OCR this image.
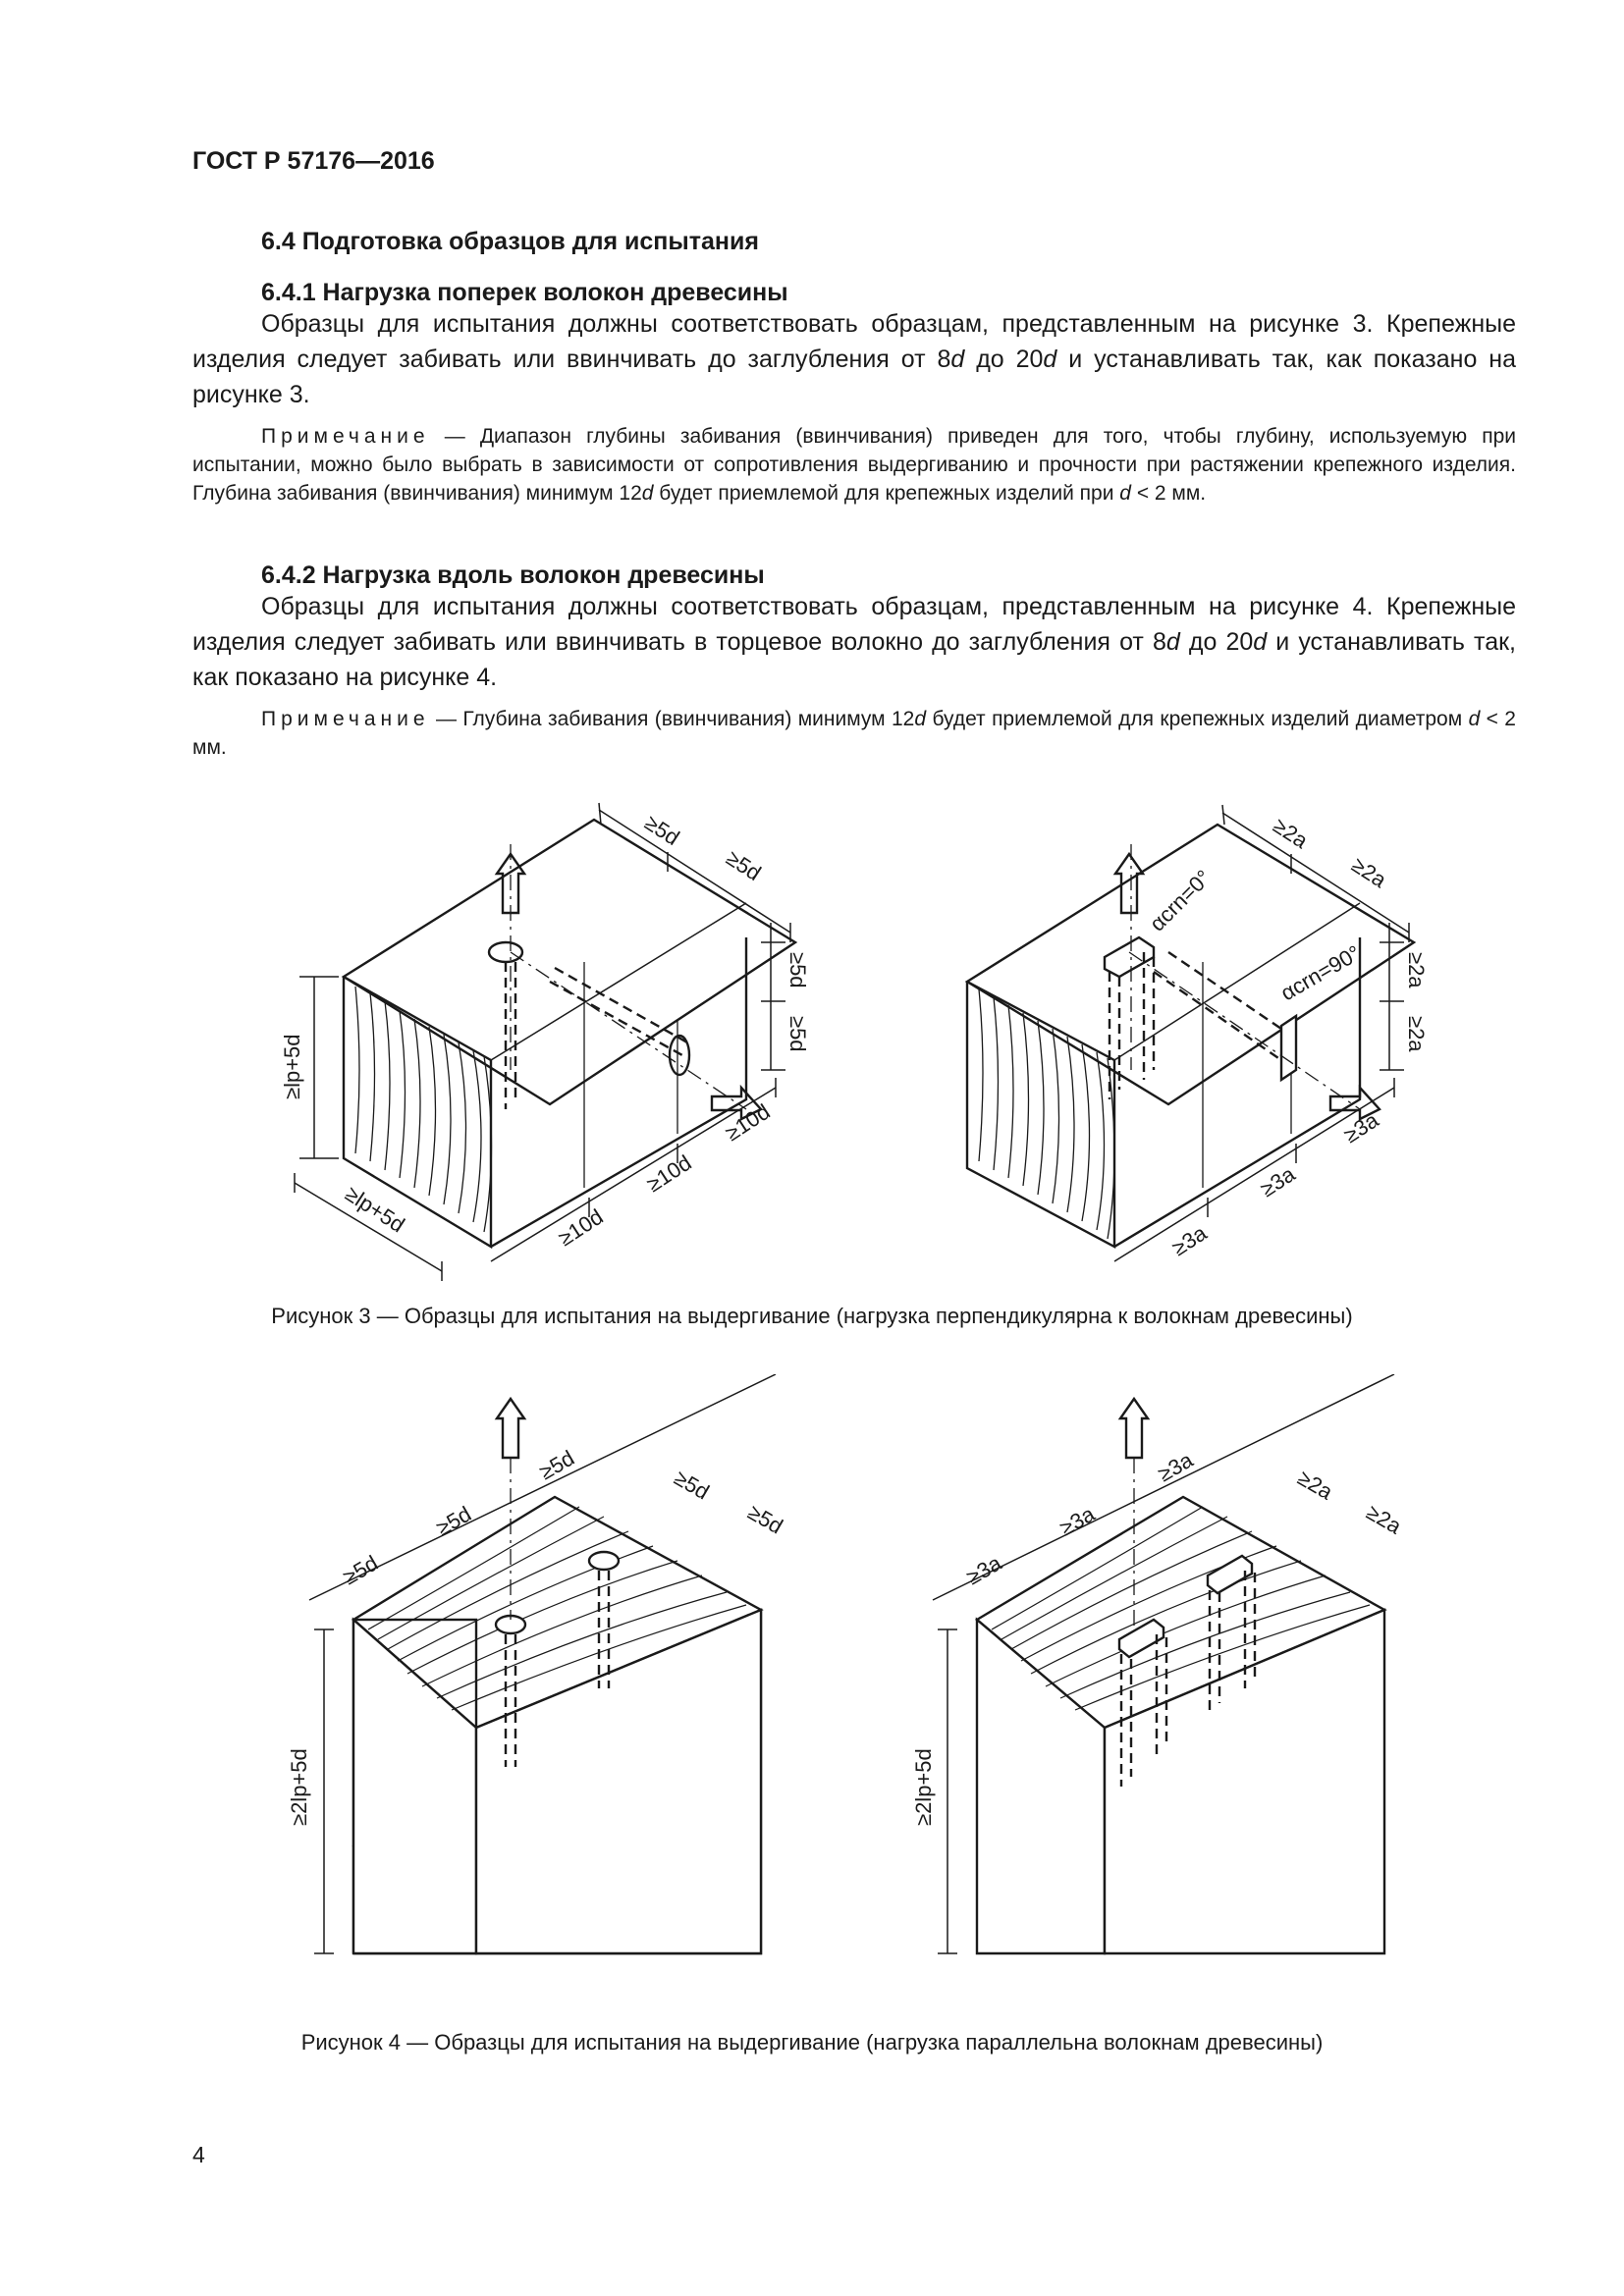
ГОСТ Р 57176—2016
6.4 Подготовка образцов для испытания
6.4.1 Нагрузка поперек волокон древесины
Образцы для испытания должны соответствовать образцам, представленным на рисунке 3. Крепежные изделия следует забивать или ввинчивать до заглубления от 8d до 20d и устанавливать так, как показано на рисунке 3.
Примечание — Диапазон глубины забивания (ввинчивания) приведен для того, чтобы глубину, используемую при испытании, можно было выбрать в зависимости от сопротивления выдергиванию и прочности при растяжении крепежного изделия. Глубина забивания (ввинчивания) минимум 12d будет приемлемой для крепежных изделий при d < 2 мм.
6.4.2 Нагрузка вдоль волокон древесины
Образцы для испытания должны соответствовать образцам, представленным на рисунке 4. Крепежные изделия следует забивать или ввинчивать в торцевое волокно до заглубления от 8d до 20d и устанавливать так, как показано на рисунке 4.
Примечание — Глубина забивания (ввинчивания) минимум 12d будет приемлемой для крепежных изделий диаметром d < 2 мм.
≥5d
≥5d
≥5d
≥5d
≥lp+5d
≥lp+5d	≥10d
≥10d
≥10d
≥2a
≥2a
≥2a
≥2a
αcrn=0°
αcrn=90°
≥3a
≥3a
≥3a
Рисунок 3 — Образцы для испытания на выдергивание (нагрузка перпендикулярна к волокнам древесины)
≥5d
≥5d
≥5d
≥5d
≥5d
≥2lp+5d
≥3a
≥3a
≥3a	≥2a
≥2a
≥2lp+5d
Рисунок 4 — Образцы для испытания на выдергивание (нагрузка параллельна волокнам древесины)
4
